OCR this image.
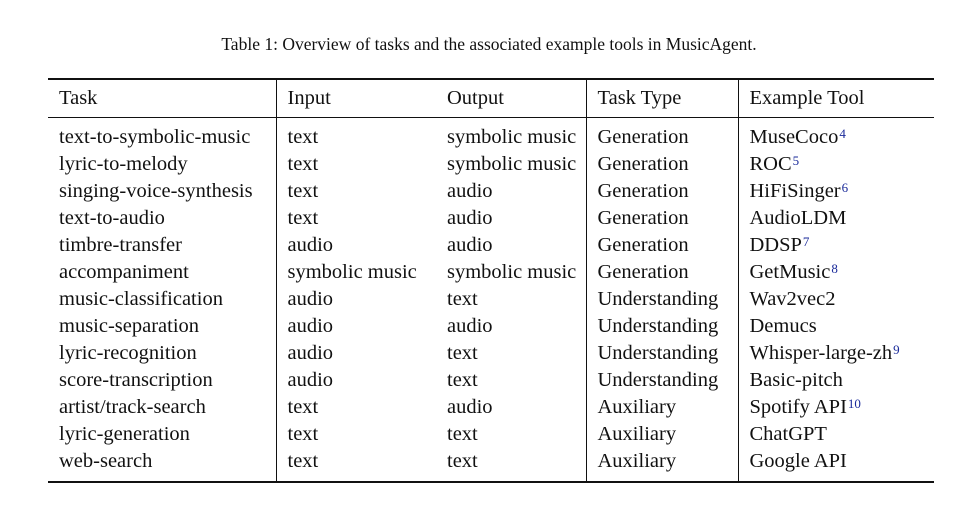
Table 1: Overview of tasks and the associated example tools in MusicAgent.
Task	Input	Output	Task Type	Example Tool
text-to-symbolic-music	text	symbolic music	Generation	MuseCoco$^4$
lyric-to-melody	text	symbolic music	Generation	ROC$^5$
singing-voice-synthesis	text	audio	Generation	HiFiSinger$^6$
text-to-audio	text	audio	Generation	AudioLDM
timbre-transfer	audio	audio	Generation	DDSP$^7$
accompaniment	symbolic music	symbolic music	Generation	GetMusic$^8$
music-classification	audio	text	Understanding	Wav2vec2
music-separation	audio	audio	Understanding	Demucs
lyric-recognition	audio	text	Understanding	Whisper-$large-zh^9$
score-transcription	audio	text	Understanding	Basic-pitch
artist/track-search	text	audio	Auxiliary	Spotify API$^{10}$
lyric-generation	text	text	Auxiliary	ChatGPT
web-search	text	text	Auxiliary	Google API
